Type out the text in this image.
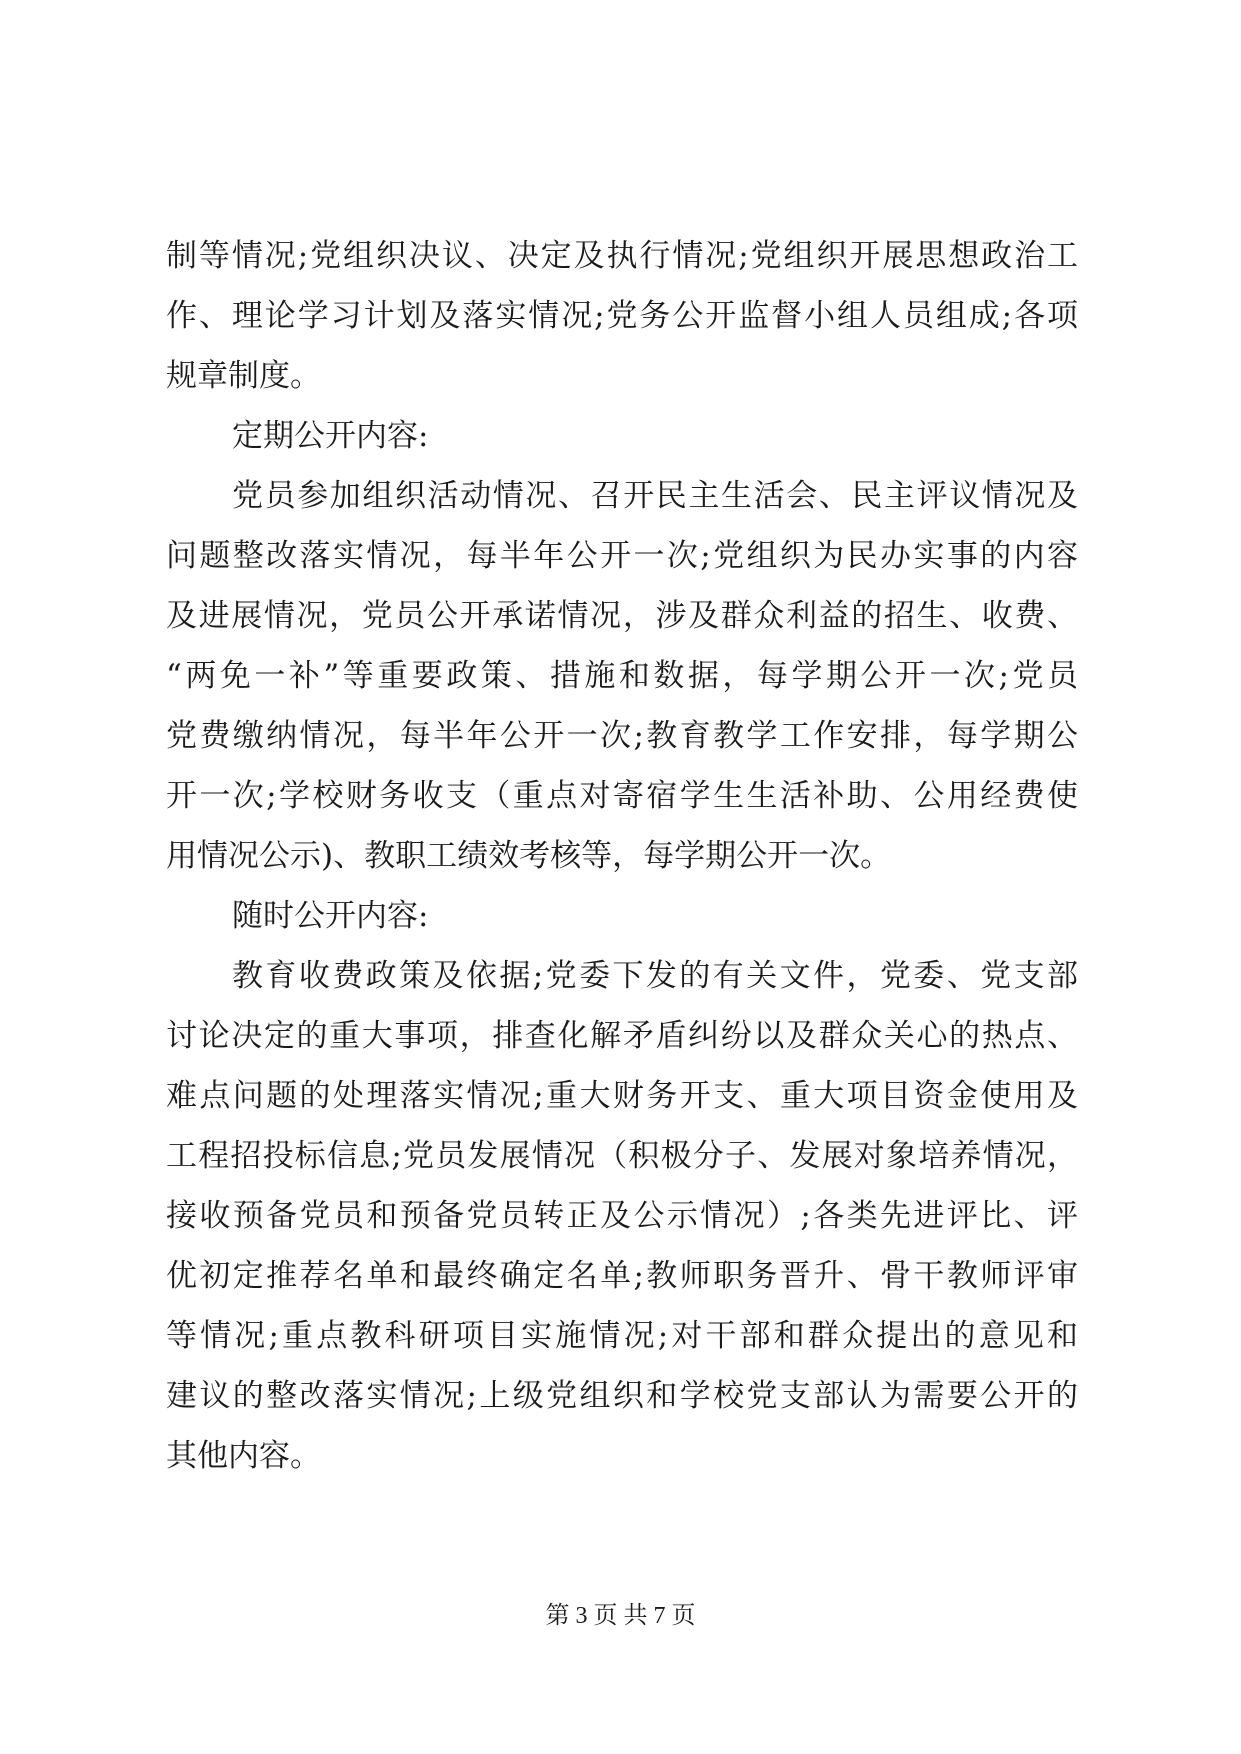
制等情况;党组织决议、决定及执行情况;党组织开展思想政治工
作、理论学习计划及落实情况;党务公开监督小组人员组成;各项
规章制度。
定期公开内容:
党员参加组织活动情况、召开民主生活会、民主评议情况及
问题整改落实情况，每半年公开一次;党组织为民办实事的内容
及进展情况，党员公开承诺情况，涉及群众利益的招生、收费、
“两免一补”等重要政策、措施和数据，每学期公开一次;党员
党费缴纳情况，每半年公开一次;教育教学工作安排，每学期公
开一次;学校财务收支（重点对寄宿学生生活补助、公用经费使
用情况公示)、教职工绩效考核等，每学期公开一次。
随时公开内容:
教育收费政策及依据;党委下发的有关文件，党委、党支部
讨论决定的重大事项，排查化解矛盾纠纷以及群众关心的热点、
难点问题的处理落实情况;重大财务开支、重大项目资金使用及
工程招投标信息;党员发展情况（积极分子、发展对象培养情况，
接收预备党员和预备党员转正及公示情况）;各类先进评比、评
优初定推荐名单和最终确定名单;教师职务晋升、骨干教师评审
等情况;重点教科研项目实施情况;对干部和群众提出的意见和
建议的整改落实情况;上级党组织和学校党支部认为需要公开的
其他内容。
第 3 页 共 7 页
